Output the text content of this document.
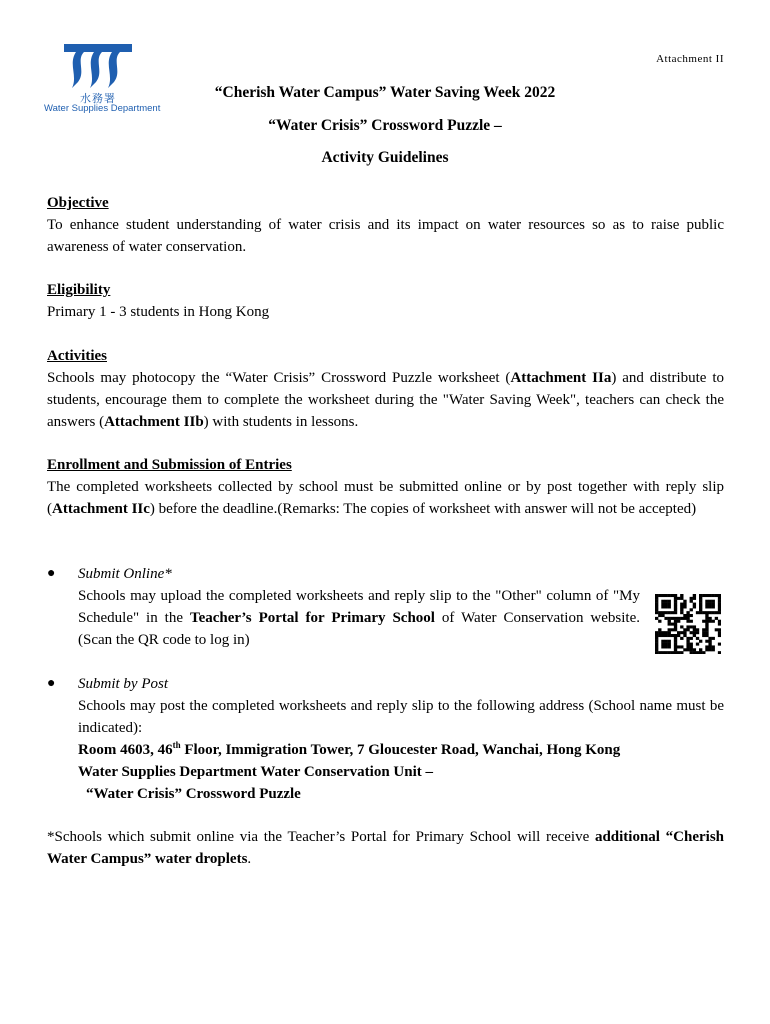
水務署
Water Supplies Department
Attachment II
“Cherish Water Campus” Water Saving Week 2022
“Water Crisis” Crossword Puzzle –
Activity Guidelines
Objective
To enhance student understanding of water crisis and its impact on water resources so as to raise public awareness of water conservation.
Eligibility
Primary 1 - 3 students in Hong Kong
Activities
Schools may photocopy the “Water Crisis” Crossword Puzzle worksheet (Attachment IIa) and distribute to students, encourage them to complete the worksheet during the "Water Saving Week", teachers can check the answers (Attachment IIb) with students in lessons.
Enrollment and Submission of Entries
The completed worksheets collected by school must be submitted online or by post together with reply slip (Attachment IIc) before the deadline.(Remarks: The copies of worksheet with answer will not be accepted)
● Submit Online*
Schools may upload the completed worksheets and reply slip to the "Other" column of "My Schedule" in the Teacher’s Portal for Primary School of Water Conservation website. (Scan the QR code to log in)
● Submit by Post
Schools may post the completed worksheets and reply slip to the following address (School name must be indicated):
Room 4603, 46th Floor, Immigration Tower, 7 Gloucester Road, Wanchai, Hong Kong
Water Supplies Department Water Conservation Unit –
“Water Crisis” Crossword Puzzle
*Schools which submit online via the Teacher’s Portal for Primary School will receive additional “Cherish Water Campus” water droplets.
